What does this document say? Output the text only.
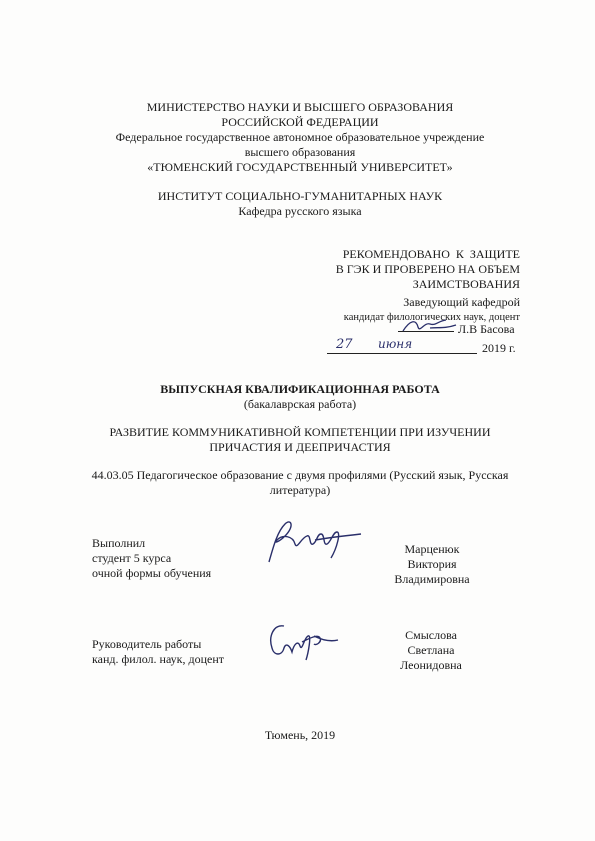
МИНИСТЕРСТВО НАУКИ И ВЫСШЕГО ОБРАЗОВАНИЯ
РОССИЙСКОЙ ФЕДЕРАЦИИ
Федеральное государственное автономное образовательное учреждение
высшего образования
«ТЮМЕНСКИЙ ГОСУДАРСТВЕННЫЙ УНИВЕРСИТЕТ»
ИНСТИТУТ СОЦИАЛЬНО-ГУМАНИТАРНЫХ НАУК
Кафедра русского языка
РЕКОМЕНДОВАНО  К  ЗАЩИТЕ
В ГЭК И ПРОВЕРЕНО НА ОБЪЕМ
ЗАИМСТВОВАНИЯ
Заведующий кафедрой
кандидат филологических наук, доцент
Л.В Басова
27 июня	2019 г.
ВЫПУСКНАЯ КВАЛИФИКАЦИОННАЯ РАБОТА
(бакалаврская работа)
РАЗВИТИЕ КОММУНИКАТИВНОЙ КОМПЕТЕНЦИИ ПРИ ИЗУЧЕНИИ
ПРИЧАСТИЯ И ДЕЕПРИЧАСТИЯ
44.03.05 Педагогическое образование с двумя профилями (Русский язык, Русская
литература)
Выполнил
студент 5 курса
очной формы обучения
Марценюк
Виктория
Владимировна
Руководитель работы
канд. филол. наук, доцент
Смыслова
Светлана
Леонидовна
Тюмень, 2019
